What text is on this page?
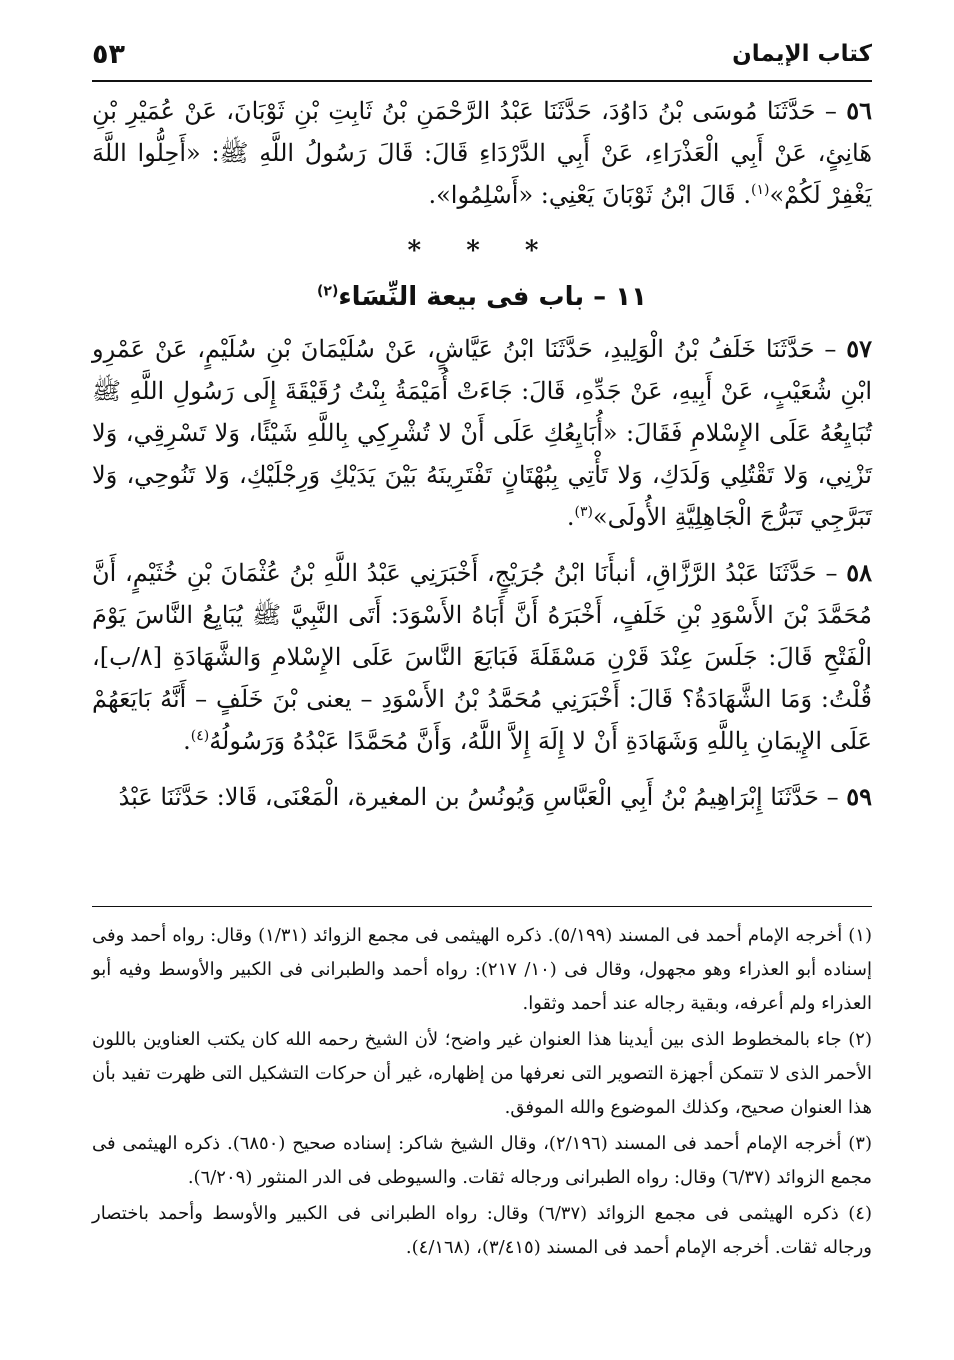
كتاب الإيمان
٥٣

٥٦ – حَدَّثَنَا مُوسَى بْنُ دَاوُدَ، حَدَّثَنَا عَبْدُ الرَّحْمَنِ بْنُ ثَابِتِ بْنِ ثَوْبَانَ، عَنْ عُمَيْرِ بْنِ هَانِئٍ، عَنْ أَبِي الْعَذْرَاءِ، عَنْ أَبِي الدَّرْدَاءِ قَالَ: قَالَ رَسُولُ اللَّهِ ﷺ: «أَحِلُّوا اللَّهَ يَغْفِرْ لَكُمْ»$^{(١)}$. قَالَ ابْنُ ثَوْبَانَ يَعْنِي: «أَسْلِمُوا».

* * *
١١ – باب فى بيعة النِّسَاء$^{(٢)}$

٥٧ – حَدَّثَنَا خَلَفُ بْنُ الْوَلِيدِ، حَدَّثَنَا ابْنُ عَيَّاشٍ، عَنْ سُلَيْمَانَ بْنِ سُلَيْمٍ، عَنْ عَمْرِو ابْنِ شُعَيْبٍ، عَنْ أَبِيهِ، عَنْ جَدِّهِ، قَالَ: جَاءَتْ أُمَيْمَةُ بِنْتُ رُقَيْقَةَ إِلَى رَسُولِ اللَّهِ ﷺ تُبَايِعُهُ عَلَى الإِسْلامِ فَقَالَ: «أُبَايِعُكِ عَلَى أَنْ لا تُشْرِكِي بِاللَّهِ شَيْئًا، وَلا تَسْرِقِي، وَلا تَزْنِي، وَلا تَقْتُلِي وَلَدَكِ، وَلا تَأْتِي بِبُهْتَانٍ تَفْتَرِينَهُ بَيْنَ يَدَيْكِ وَرِجْلَيْكِ، وَلا تَنُوحِي، وَلا تَبَرَّجِي تَبَرُّجَ الْجَاهِلِيَّةِ الأُولَى»$^{(٣)}$.

٥٨ – حَدَّثَنَا عَبْدُ الرَّزَّاقِ، أنبأَنَا ابْنُ جُرَيْجٍ، أَخْبَرَنِي عَبْدُ اللَّهِ بْنُ عُثْمَانَ بْنِ خُثَيْمٍ، أَنَّ مُحَمَّدَ بْنَ الأَسْوَدِ بْنِ خَلَفٍ، أَخْبَرَهُ أَنَّ أَبَاهُ الأَسْوَدَ: أَتَى النَّبِيَّ ﷺ يُبَايِعُ النَّاسَ يَوْمَ الْفَتْحِ قَالَ: جَلَسَ عِنْدَ قَرْنِ مَسْقَلَةَ فَبَايَعَ النَّاسَ عَلَى الإِسْلامِ وَالشَّهَادَةِ [٨/ب]، قُلْتُ: وَمَا الشَّهَادَةُ؟ قَالَ: أَخْبَرَنِي مُحَمَّدُ بْنُ الأَسْوَدِ – يعنى بْنَ خَلَفٍ – أَنَّهُ بَايَعَهُمْ عَلَى الإِيمَانِ بِاللَّهِ وَشَهَادَةِ أَنْ لا إِلَهَ إِلاَّ اللَّهُ، وَأَنَّ مُحَمَّدًا عَبْدُهُ وَرَسُولُهُ$^{(٤)}$.

٥٩ – حَدَّثَنَا إِبْرَاهِيمُ بْنُ أَبِي الْعَبَّاسِ وَيُونُسُ بن المغيرة، الْمَعْنَى، قَالا: حَدَّثَنَا عَبْدُ

(١) أخرجه الإمام أحمد فى المسند (٥/١٩٩). ذكره الهيثمى فى مجمع الزوائد (١/٣١) وقال: رواه أحمد وفى إسناده أبو العذراء وهو مجهول، وقال فى (١٠/ ٢١٧): رواه أحمد والطبرانى فى الكبير والأوسط وفيه أبو العذراء ولم أعرفه، وبقية رجاله عند أحمد وثقوا.

(٢) جاء بالمخطوط الذى بين أيدينا هذا العنوان غير واضح؛ لأن الشيخ رحمه الله كان يكتب العناوين باللون الأحمر الذى لا تتمكن أجهزة التصوير التى نعرفها من إظهاره، غير أن حركات التشكيل التى ظهرت تفيد بأن هذا العنوان صحيح، وكذلك الموضوع والله الموفق.

(٣) أخرجه الإمام أحمد فى المسند (٢/١٩٦)، وقال الشيخ شاكر: إسناده صحيح (٦٨٥٠). ذكره الهيثمى فى مجمع الزوائد (٦/٣٧) وقال: رواه الطبرانى ورجاله ثقات. والسيوطى فى الدر المنثور (٦/٢٠٩).

(٤) ذكره الهيثمى فى مجمع الزوائد (٦/٣٧) وقال: رواه الطبرانى فى الكبير والأوسط وأحمد باختصار ورجاله ثقات. أخرجه الإمام أحمد فى المسند (٣/٤١٥)، (٤/١٦٨).
